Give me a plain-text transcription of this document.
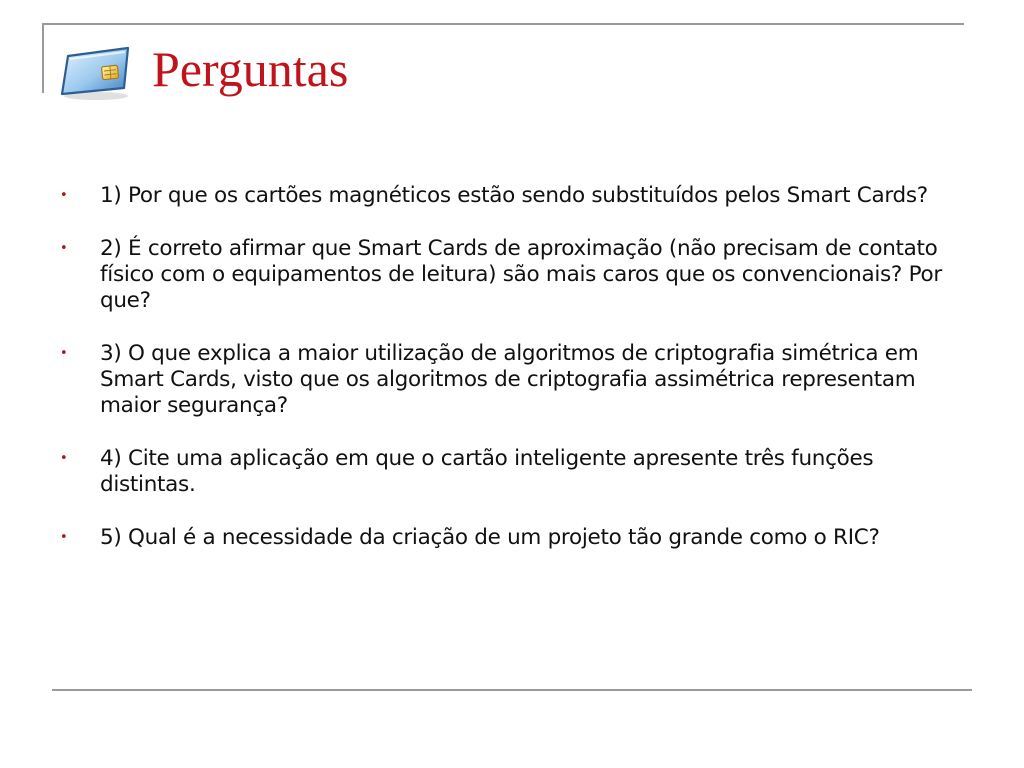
Perguntas
• 1) Por que os cartões magnéticos estão sendo substituídos pelos Smart Cards?
• 2) É correto afirmar que Smart Cards de aproximação (não precisam de contato físico com o equipamentos de leitura) são mais caros que os convencionais? Por que?
• 3) O que explica a maior utilização de algoritmos de criptografia simétrica em Smart Cards, visto que os algoritmos de criptografia assimétrica representam maior segurança?
• 4) Cite uma aplicação em que o cartão inteligente apresente três funções distintas.
• 5) Qual é a necessidade da criação de um projeto tão grande como o RIC?
